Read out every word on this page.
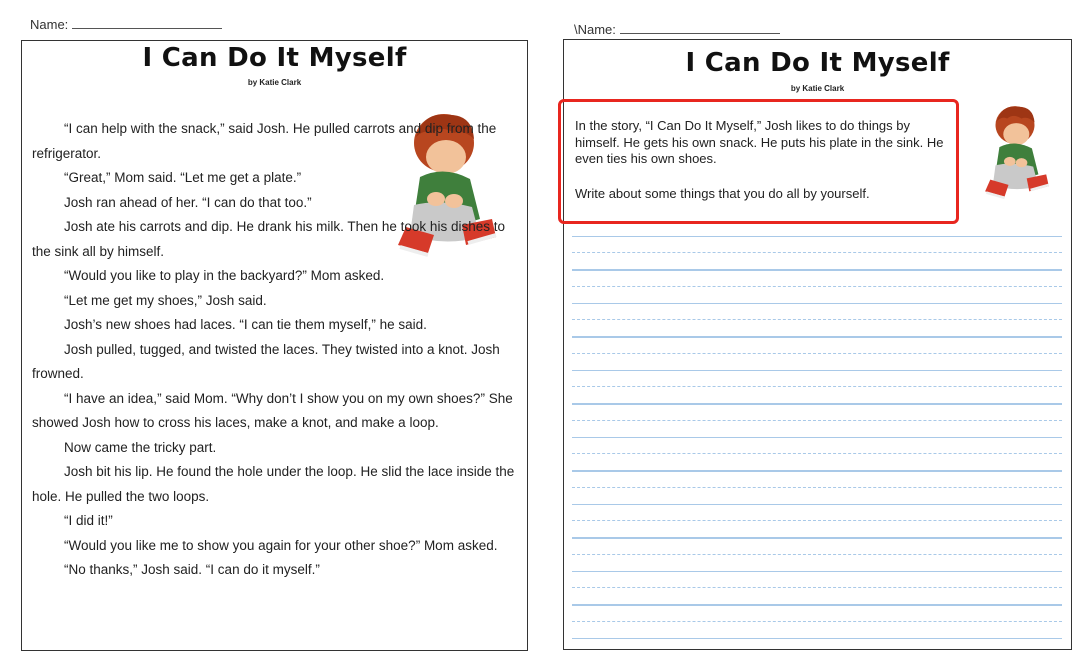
Name:
I Can Do It Myself
by Katie Clark

“I can help with the snack,” said Josh. He pulled carrots and dip from the refrigerator.

“Great,” Mom said. “Let me get a plate.”

Josh ran ahead of her. “I can do that too.”

Josh ate his carrots and dip. He drank his milk. Then he took his dishes to the sink all by himself.

“Would you like to play in the backyard?” Mom asked.

“Let me get my shoes,” Josh said.

Josh’s new shoes had laces. “I can tie them myself,” he said.

Josh pulled, tugged, and twisted the laces. They twisted into a knot. Josh frowned.

“I have an idea,” said Mom. “Why don’t I show you on my own shoes?” She showed Josh how to cross his laces, make a knot, and make a loop.

Now came the tricky part.

Josh bit his lip. He found the hole under the loop. He slid the lace inside the hole. He pulled the two loops.

“I did it!”

“Would you like me to show you again for your other shoe?” Mom asked.

“No thanks,” Josh said. “I can do it myself.”

\Name:
I Can Do It Myself
by Katie Clark

In the story, “I Can Do It Myself,” Josh likes to do things by himself. He gets his own snack. He puts his plate in the sink. He even ties his own shoes.

Write about some things that you do all by yourself.
